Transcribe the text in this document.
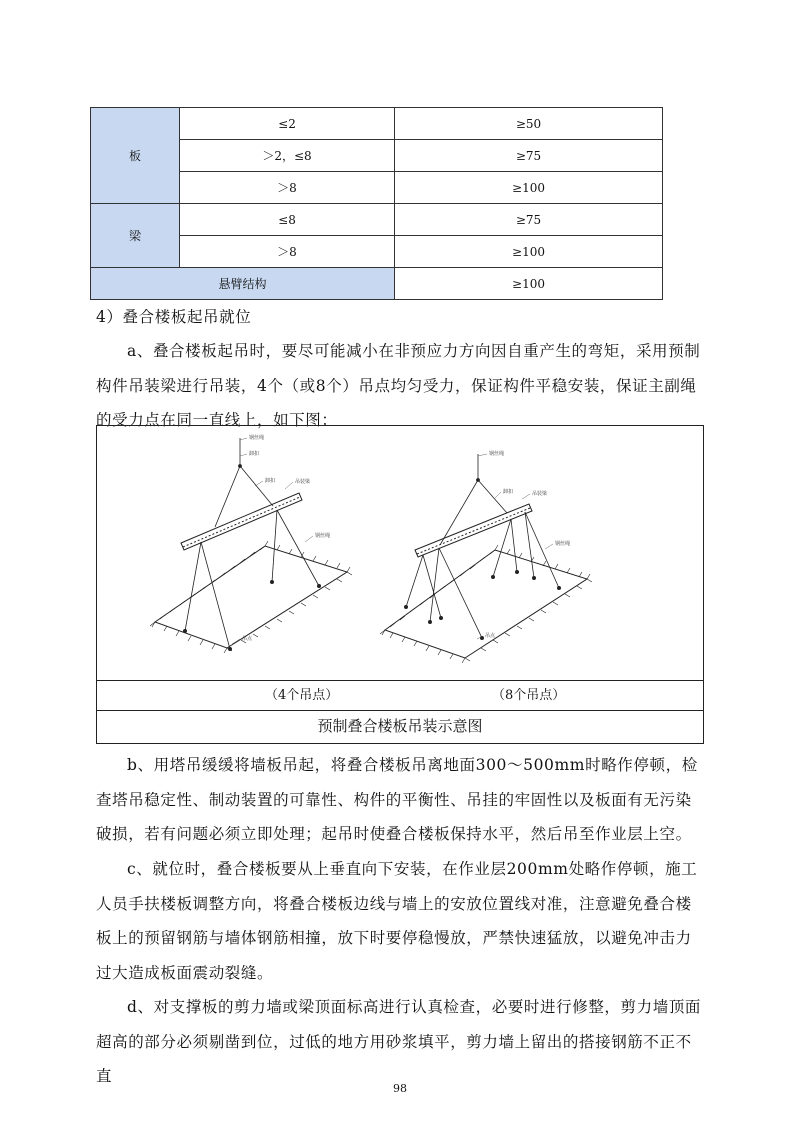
板	≤2	≥50
	＞2，≤8	≥75
	＞8	≥100
梁	≤8	≥75
	＞8	≥100
悬臂结构		≥100
4）叠合楼板起吊就位
a、叠合楼板起吊时，要尽可能减小在非预应力方向因自重产生的弯矩，采用预制构件吊装梁进行吊装，4个（或8个）吊点均匀受力，保证构件平稳安装，保证主副绳的受力点在同一直线上，如下图：
钢丝绳
卸扣
卸扣	吊装梁
钢丝绳
吊点
钢丝绳
卸扣	吊装梁
钢丝绳
吊点
（4个吊点）	（8个吊点）
预制叠合楼板吊装示意图
b、用塔吊缓缓将墙板吊起，将叠合楼板吊离地面300～500mm时略作停顿，检查塔吊稳定性、制动装置的可靠性、构件的平衡性、吊挂的牢固性以及板面有无污染破损，若有问题必须立即处理；起吊时使叠合楼板保持水平，然后吊至作业层上空。
c、就位时，叠合楼板要从上垂直向下安装，在作业层200mm处略作停顿，施工人员手扶楼板调整方向，将叠合楼板边线与墙上的安放位置线对准，注意避免叠合楼板上的预留钢筋与墙体钢筋相撞，放下时要停稳慢放，严禁快速猛放，以避免冲击力过大造成板面震动裂缝。
d、对支撑板的剪力墙或梁顶面标高进行认真检查，必要时进行修整，剪力墙顶面超高的部分必须剔凿到位，过低的地方用砂浆填平，剪力墙上留出的搭接钢筋不正不直
98
